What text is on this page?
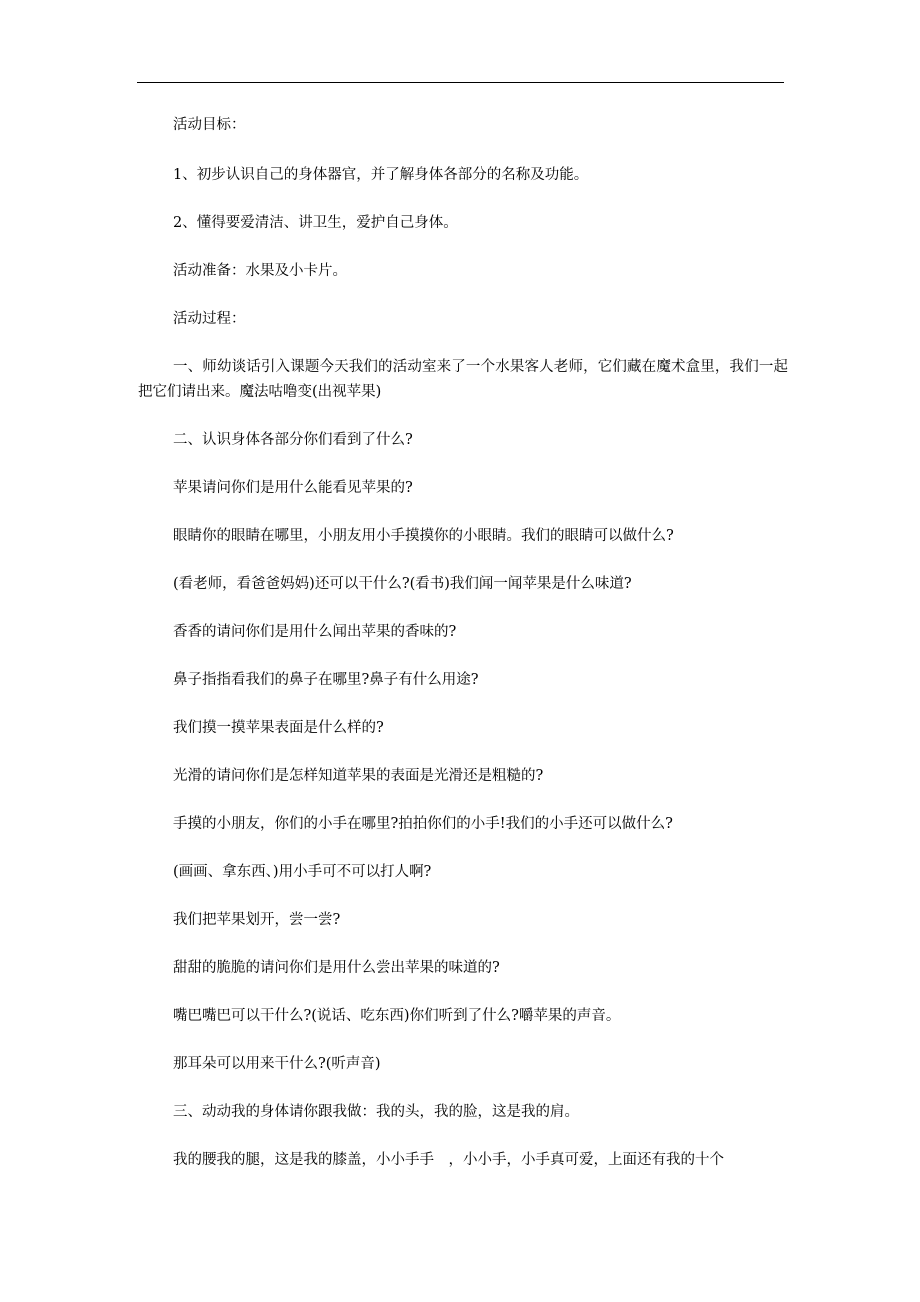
活动目标：

1、初步认识自己的身体器官，并了解身体各部分的名称及功能。

2、懂得要爱清洁、讲卫生，爱护自己身体。

活动准备：水果及小卡片。

活动过程：

一、师幼谈话引入课题今天我们的活动室来了一个水果客人老师，它们藏在魔术盒里，我们一起把它们请出来。魔法咕噜变(出视苹果)

二、认识身体各部分你们看到了什么?

苹果请问你们是用什么能看见苹果的?

眼睛你的眼睛在哪里，小朋友用小手摸摸你的小眼睛。我们的眼睛可以做什么?

(看老师，看爸爸妈妈)还可以干什么?(看书)我们闻一闻苹果是什么味道?

香香的请问你们是用什么闻出苹果的香味的?

鼻子指指看我们的鼻子在哪里?鼻子有什么用途?

我们摸一摸苹果表面是什么样的?

光滑的请问你们是怎样知道苹果的表面是光滑还是粗糙的?

手摸的小朋友，你们的小手在哪里?拍拍你们的小手!我们的小手还可以做什么?

(画画、拿东西、)用小手可不可以打人啊?

我们把苹果划开，尝一尝?

甜甜的脆脆的请问你们是用什么尝出苹果的味道的?

嘴巴嘴巴可以干什么?(说话、吃东西)你们听到了什么?嚼苹果的声音。

那耳朵可以用来干什么?(听声音)

三、动动我的身体请你跟我做：我的头，我的脸，这是我的肩。

我的腰我的腿，这是我的膝盖，小小手手　，小小手，小手真可爱，上面还有我的十个
